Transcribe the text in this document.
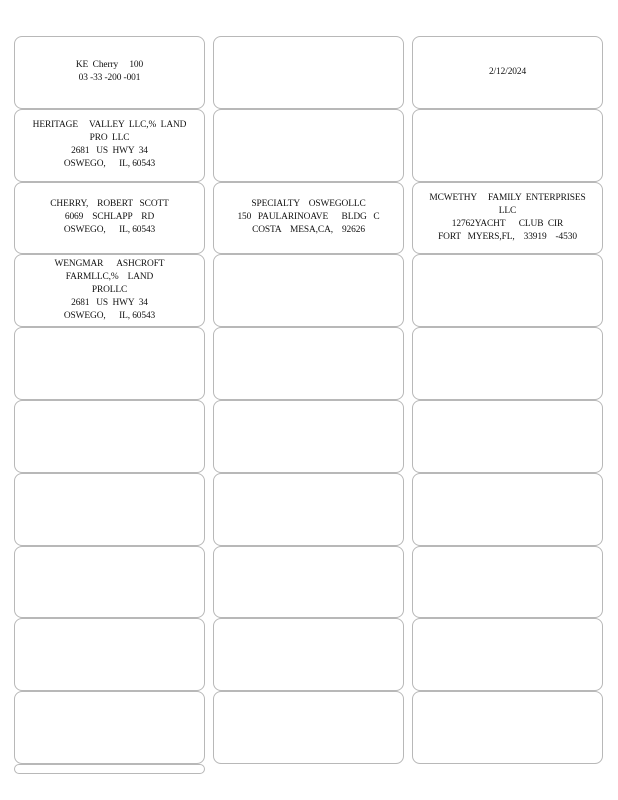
KE  Cherry     100
03 -33 -200 -001
2/12/2024
HERITAGE     VALLEY  LLC,%  LAND   PRO  LLC
2681   US  HWY  34
OSWEGO,      IL, 60543
CHERRY,    ROBERT   SCOTT
6069    SCHLAPP    RD
OSWEGO,      IL, 60543
SPECIALTY    OSWEGOLLC
150   PAULARINOAVE      BLDG   C
COSTA    MESA,CA,    92626
MCWETHY     FAMILY  ENTERPRISES      LLC
12762YACHT      CLUB  CIR
FORT   MYERS,FL,    33919    -4530
WENGMAR      ASHCROFT    FARMLLC,%    LAND
PROLLC
2681   US  HWY  34
OSWEGO,      IL, 60543
